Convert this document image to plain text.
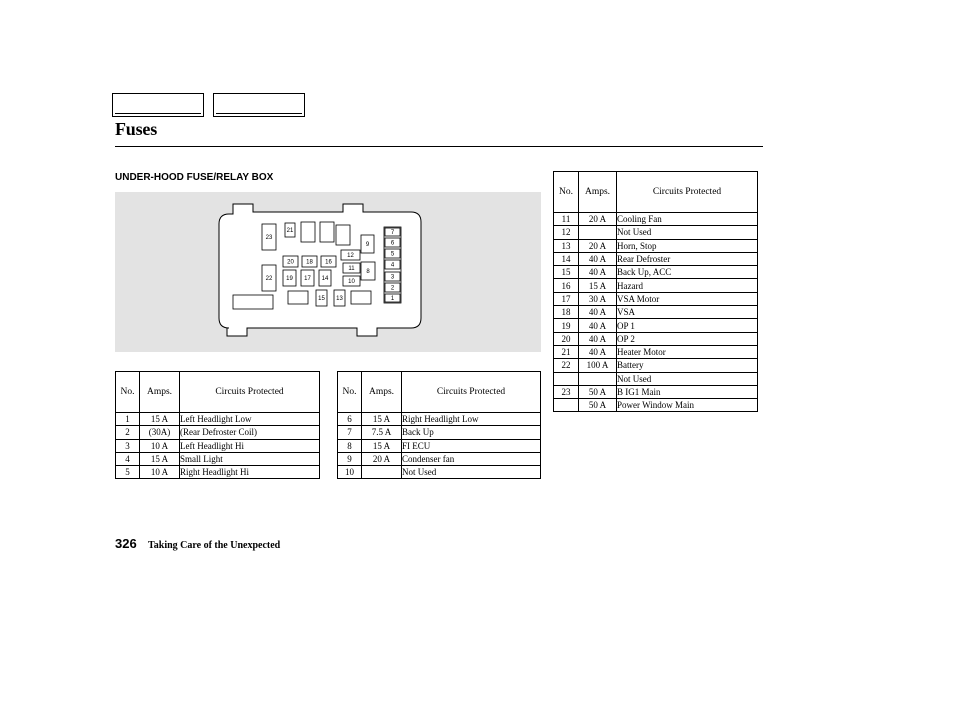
Fuses
UNDER-HOOD FUSE/RELAY BOX
23
21
20 18 16
12
9
7
6
5
4
3
2
1
22 19 17 14
11
10
8
15 13
No.	Amps.	Circuits Protected
1	15 A	Left Headlight Low
2	(30A)	(Rear Defroster Coil)
3	10 A	Left Headlight Hi
4	15 A	Small Light
5	10 A	Right Headlight Hi
No.	Amps.	Circuits Protected
6	15 A	Right Headlight Low
7	7.5 A	Back Up
8	15 A	FI ECU
9	20 A	Condenser fan
10		Not Used
No.	Amps.	Circuits Protected
11	20 A	Cooling Fan
12		Not Used
13	20 A	Horn, Stop
14	40 A	Rear Defroster
15	40 A	Back Up, ACC
16	15 A	Hazard
17	30 A	VSA Motor
18	40 A	VSA
19	40 A	OP 1
20	40 A	OP 2
21	40 A	Heater Motor
22	100 A	Battery
		Not Used
23	50 A	B IG1 Main
	50 A	Power Window Main
326 Taking Care of the Unexpected
